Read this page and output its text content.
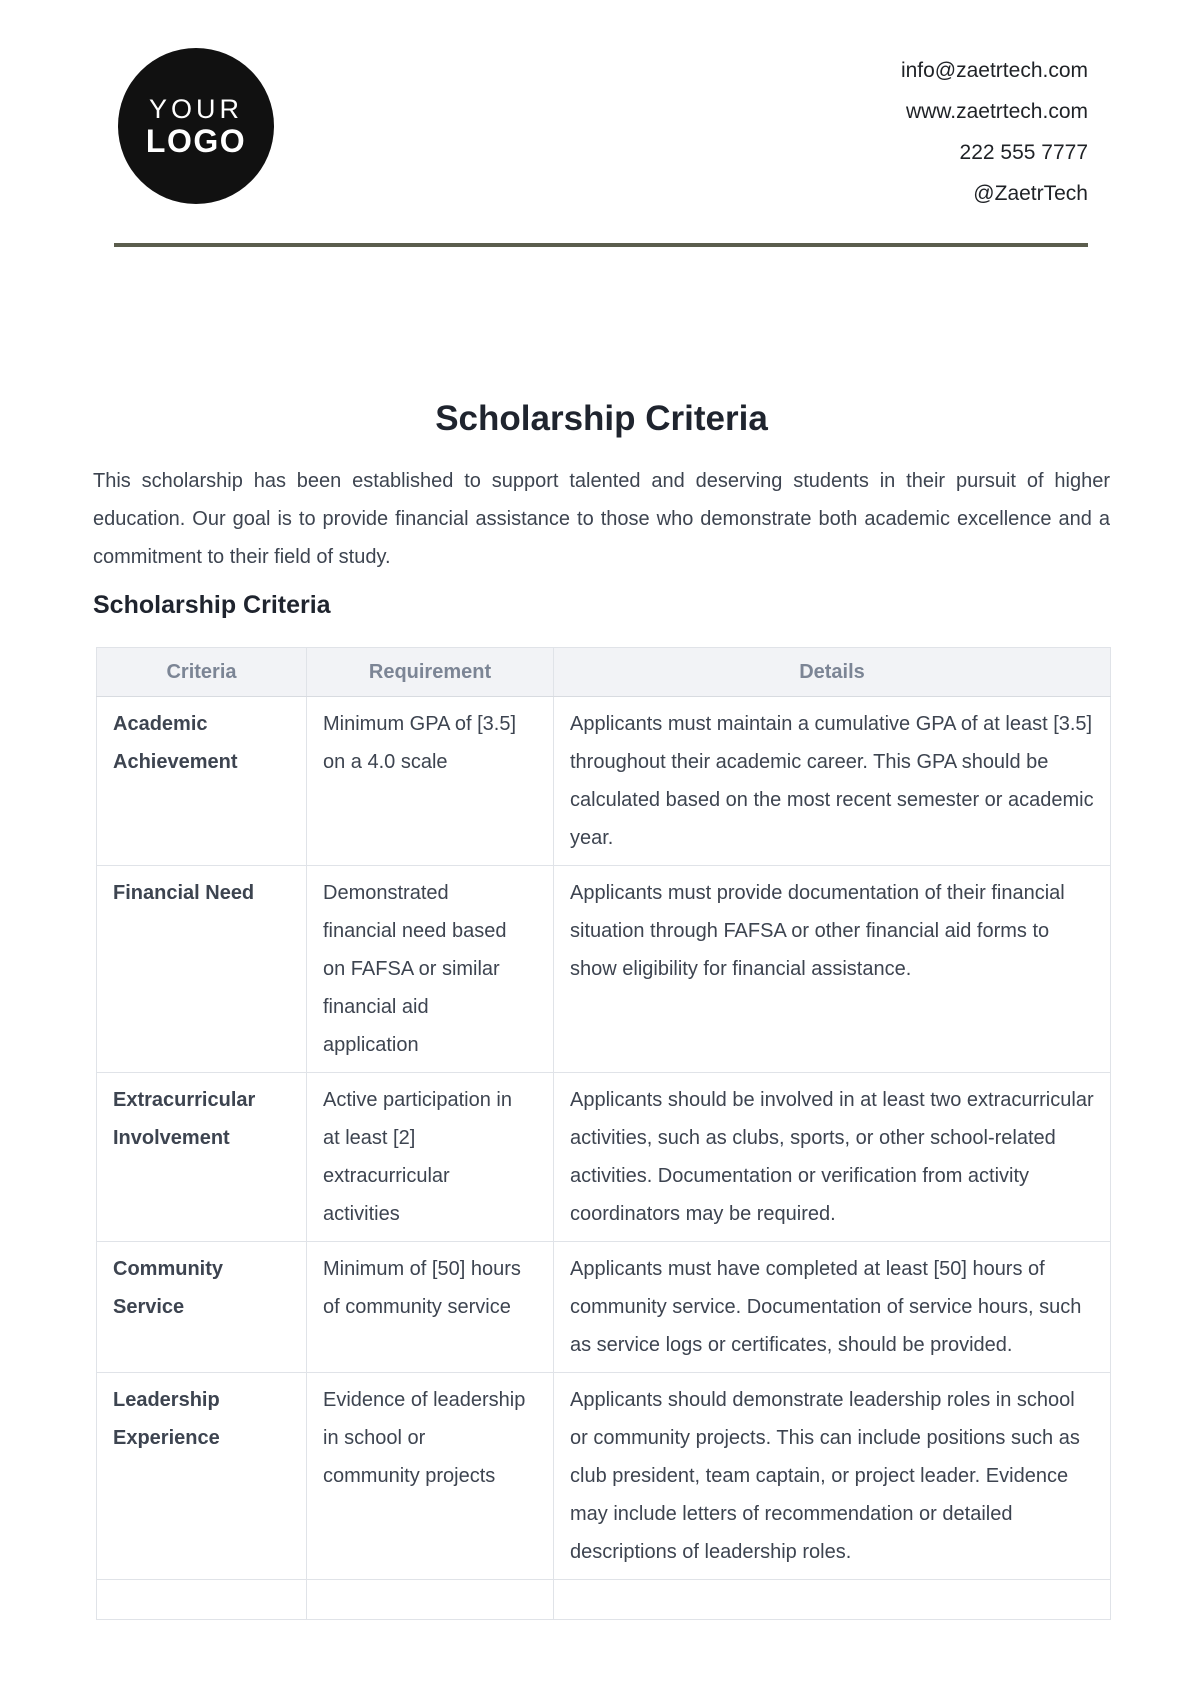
YOUR
LOGO
info@zaetrtech.com
www.zaetrtech.com
222 555 7777
@ZaetrTech
Scholarship Criteria

This scholarship has been established to support talented and deserving students in their pursuit of higher education. Our goal is to provide financial assistance to those who demonstrate both academic excellence and a commitment to their field of study.

Scholarship Criteria
Criteria	Requirement	Details
Academic Achievement	Minimum GPA of [3.5] on a 4.0 scale	Applicants must maintain a cumulative GPA of at least [3.5] throughout their academic career. This GPA should be calculated based on the most recent semester or academic year.
Financial Need	Demonstrated financial need based on FAFSA or similar financial aid application	Applicants must provide documentation of their financial situation through FAFSA or other financial aid forms to show eligibility for financial assistance.
Extracurricular Involvement	Active participation in at least [2] extracurricular activities	Applicants should be involved in at least two extracurricular activities, such as clubs, sports, or other school-related activities. Documentation or verification from activity coordinators may be required.
Community Service	Minimum of [50] hours of community service	Applicants must have completed at least [50] hours of community service. Documentation of service hours, such as service logs or certificates, should be provided.
Leadership Experience	Evidence of leadership in school or community projects	Applicants should demonstrate leadership roles in school or community projects. This can include positions such as club president, team captain, or project leader. Evidence may include letters of recommendation or detailed descriptions of leadership roles.
